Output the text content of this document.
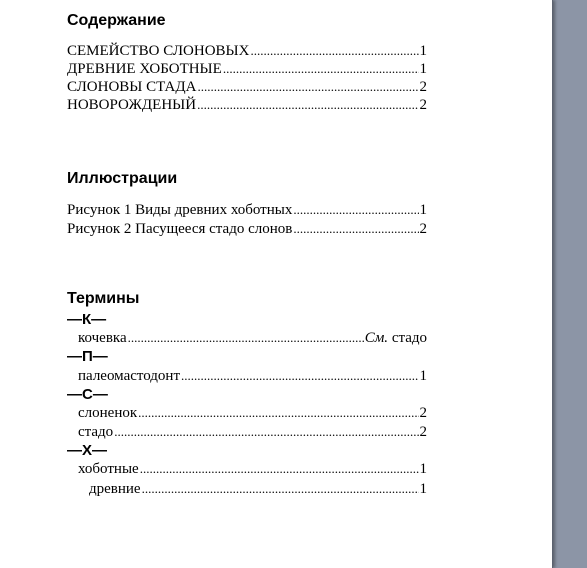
Содержание
СЕМЕЙСТВО СЛОНОВЫХ .....	1
ДРЕВНИЕ ХОБОТНЫЕ .....	1
СЛОНОВЫ СТАДА .....	2
НОВОРОЖДЕНЫЙ .....	2
Иллюстрации
Рисунок 1 Виды древних хоботных .....	1
Рисунок 2 Пасущееся стадо слонов .....	2
Термины
—К—
кочевка .....	См. стадо
—П—
палеомастодонт .....	1
—С—
слоненок .....	2
стадо .....	2
—Х—
хоботные .....	1
древние .....	1
